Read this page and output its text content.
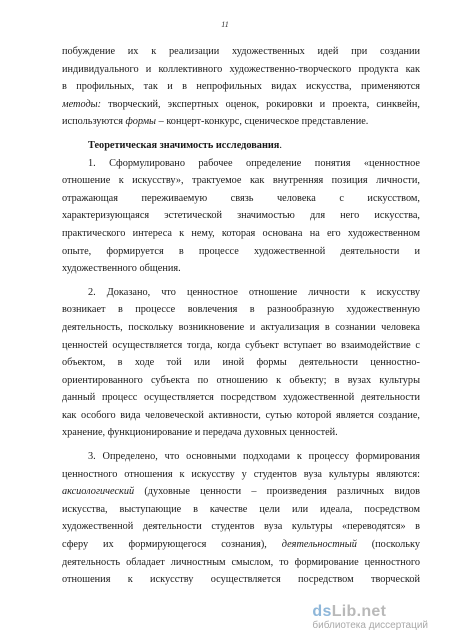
11
побуждение их к реализации художественных идей при создании
индивидуального и коллективного художественно-творческого продукта как
в профильных, так и в непрофильных видах искусства, применяются
методы: творческий, экспертных оценок, рокировки и проекта, синквейн,
используются формы – концерт-конкурс, сценическое представление.
Теоретическая значимость исследования.
1. Сформулировано рабочее определение понятия «ценностное
отношение к искусству», трактуемое как внутренняя позиция личности,
отражающая переживаемую связь человека с искусством,
характеризующаяся эстетической значимостью для него искусства,
практического интереса к нему, которая основана на его художественном
опыте, формируется в процессе художественной деятельности и
художественного общения.
2. Доказано, что ценностное отношение личности к искусству
возникает в процессе вовлечения в разнообразную художественную
деятельность, поскольку возникновение и актуализация в сознании человека
ценностей осуществляется тогда, когда субъект вступает во взаимодействие с
объектом, в ходе той или иной формы деятельности ценностно-
ориентированного субъекта по отношению к объекту; в вузах культуры
данный процесс осуществляется посредством художественной деятельности
как особого вида человеческой активности, сутью которой является создание,
хранение, функционирование и передача духовных ценностей.
3. Определено, что основными подходами к процессу формирования
ценностного отношения к искусству у студентов вуза культуры являются:
аксиологический (духовные ценности – произведения различных видов
искусства, выступающие в качестве цели или идеала, посредством
художественной деятельности студентов вуза культуры «переводятся» в
сферу их формирующегося сознания), деятельностный (поскольку
деятельность обладает личностным смыслом, то формирование ценностного
отношения к искусству осуществляется посредством творческой
dsLib.net
библиотека диссертаций
